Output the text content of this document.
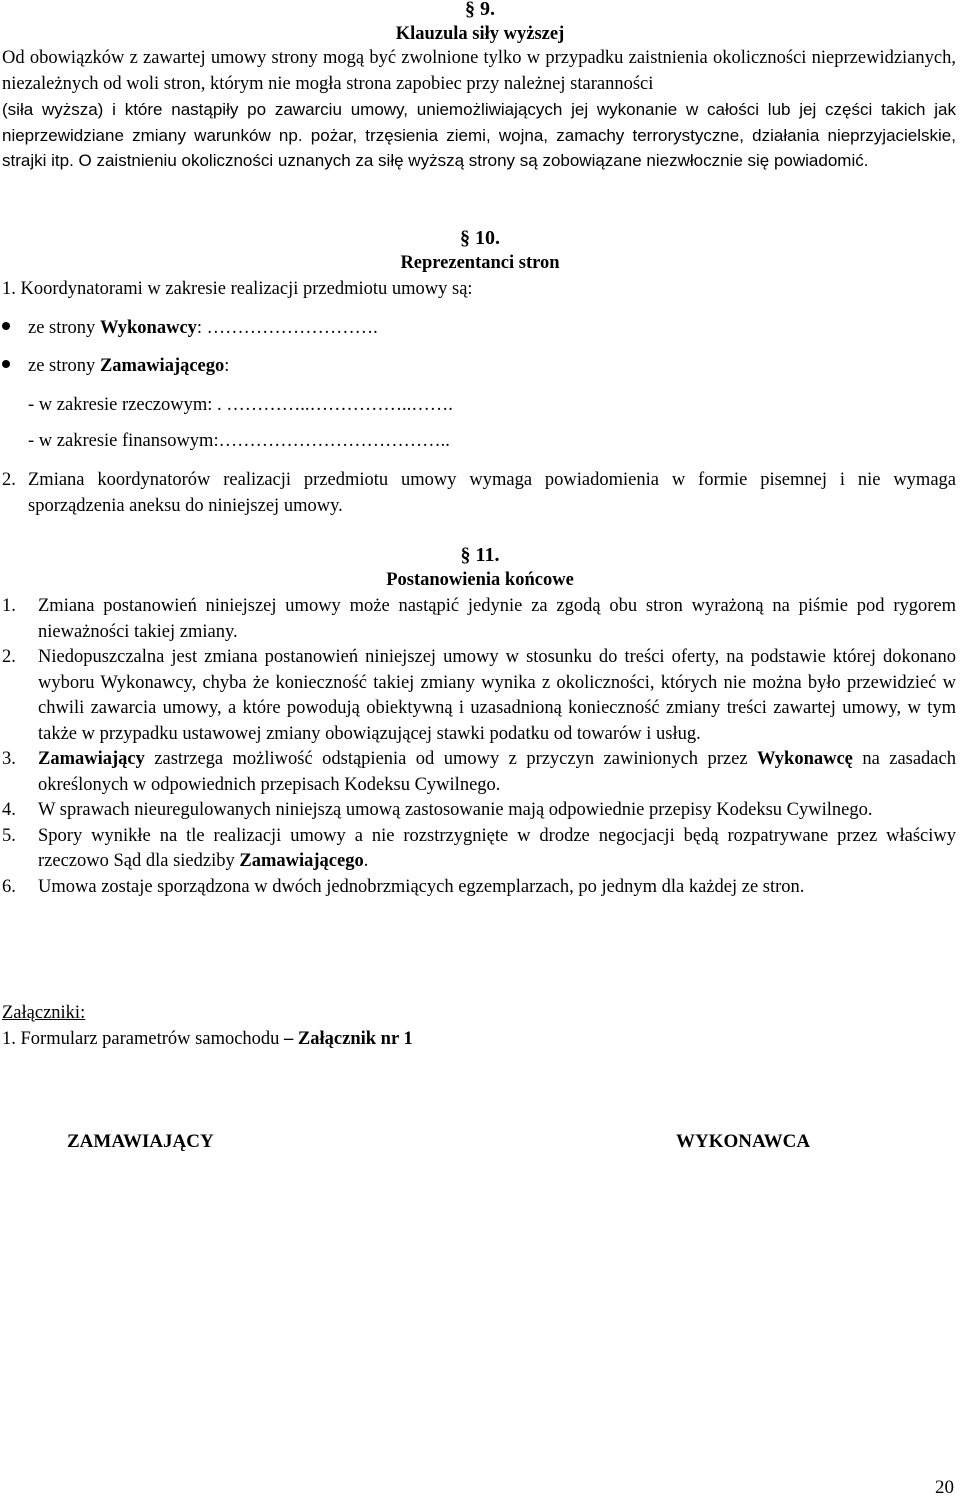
§ 9.
Klauzula siły wyższej
Od obowiązków z zawartej umowy strony mogą być zwolnione tylko w przypadku zaistnienia okoliczności nieprzewidzianych, niezależnych od woli stron, którym nie mogła strona zapobiec przy należnej staranności
(siła wyższa) i które nastąpiły po zawarciu umowy, uniemożliwiających jej wykonanie w całości lub jej części takich jak nieprzewidziane zmiany warunków np. pożar, trzęsienia ziemi, wojna, zamachy terrorystyczne, działania nieprzyjacielskie, strajki itp. O zaistnieniu okoliczności uznanych za siłę wyższą strony są zobowiązane niezwłocznie się powiadomić.
§ 10.
Reprezentanci stron
1. Koordynatorami w zakresie realizacji przedmiotu umowy są:
ze strony Wykonawcy: ……………………….
ze strony Zamawiającego:
- w zakresie rzeczowym: . …………..……………..…….
- w zakresie finansowym:………………………………..
2. Zmiana koordynatorów realizacji przedmiotu umowy wymaga powiadomienia w formie pisemnej i nie wymaga sporządzenia aneksu do niniejszej umowy.
§ 11.
Postanowienia końcowe
1.	Zmiana postanowień niniejszej umowy może nastąpić jedynie za zgodą obu stron wyrażoną na piśmie pod rygorem nieważności takiej zmiany.
2.	Niedopuszczalna jest zmiana postanowień niniejszej umowy w stosunku do treści oferty, na podstawie której dokonano wyboru Wykonawcy, chyba że konieczność takiej zmiany wynika z okoliczności, których nie można było przewidzieć w chwili zawarcia umowy, a które powodują obiektywną i uzasadnioną konieczność zmiany treści zawartej umowy, w tym także w przypadku ustawowej zmiany obowiązującej stawki podatku od towarów i usług.
3.	Zamawiający zastrzega możliwość odstąpienia od umowy z przyczyn zawinionych przez Wykonawcę na zasadach określonych w odpowiednich przepisach Kodeksu Cywilnego.
4.	W sprawach nieuregulowanych niniejszą umową zastosowanie mają odpowiednie przepisy Kodeksu Cywilnego.
5.	Spory wynikłe na tle realizacji umowy a nie rozstrzygnięte w drodze negocjacji będą rozpatrywane przez właściwy rzeczowo Sąd dla siedziby Zamawiającego.
6.	Umowa zostaje sporządzona w dwóch jednobrzmiących egzemplarzach, po jednym dla każdej ze stron.
Załączniki:
1. Formularz parametrów samochodu – Załącznik nr 1
ZAMAWIAJĄCY	WYKONAWCA
20
